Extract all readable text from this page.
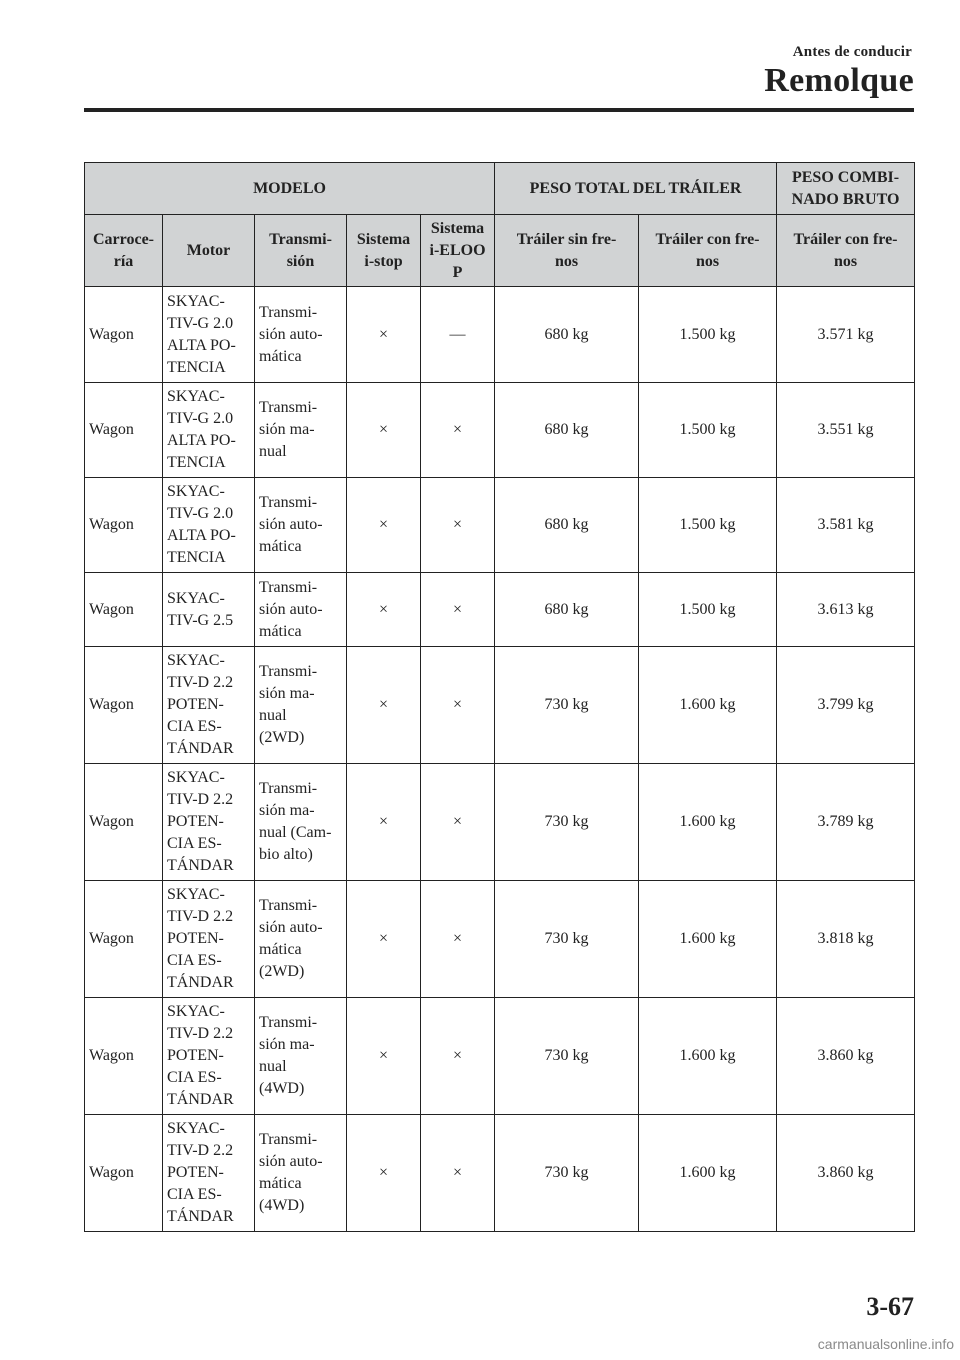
Antes de conducir
Remolque
MODELO					PESO TOTAL DEL TRÁILER		PESO COMBI-
NADO BRUTO
Carroce-
ría	Motor	Transmi-
sión	Sistema
i-stop	Sistema
i-ELOO
P	Tráiler sin fre-
nos	Tráiler con fre-
nos	Tráiler con fre-
nos
Wagon	SKYAC-
TIV-G 2.0
ALTA PO-
TENCIA	Transmi-
sión auto-
mática	×	—	680 kg	1.500 kg	3.571 kg
Wagon	SKYAC-
TIV-G 2.0
ALTA PO-
TENCIA	Transmi-
sión ma-
nual	×	×	680 kg	1.500 kg	3.551 kg
Wagon	SKYAC-
TIV-G 2.0
ALTA PO-
TENCIA	Transmi-
sión auto-
mática	×	×	680 kg	1.500 kg	3.581 kg
Wagon	SKYAC-
TIV-G 2.5	Transmi-
sión auto-
mática	×	×	680 kg	1.500 kg	3.613 kg
Wagon	SKYAC-
TIV-D 2.2
POTEN-
CIA ES-
TÁNDAR	Transmi-
sión ma-
nual
(2WD)	×	×	730 kg	1.600 kg	3.799 kg
Wagon	SKYAC-
TIV-D 2.2
POTEN-
CIA ES-
TÁNDAR	Transmi-
sión ma-
nual (Cam-
bio alto)	×	×	730 kg	1.600 kg	3.789 kg
Wagon	SKYAC-
TIV-D 2.2
POTEN-
CIA ES-
TÁNDAR	Transmi-
sión auto-
mática
(2WD)	×	×	730 kg	1.600 kg	3.818 kg
Wagon	SKYAC-
TIV-D 2.2
POTEN-
CIA ES-
TÁNDAR	Transmi-
sión ma-
nual
(4WD)	×	×	730 kg	1.600 kg	3.860 kg
Wagon	SKYAC-
TIV-D 2.2
POTEN-
CIA ES-
TÁNDAR	Transmi-
sión auto-
mática
(4WD)	×	×	730 kg	1.600 kg	3.860 kg
3-67
carmanualsonline.info
